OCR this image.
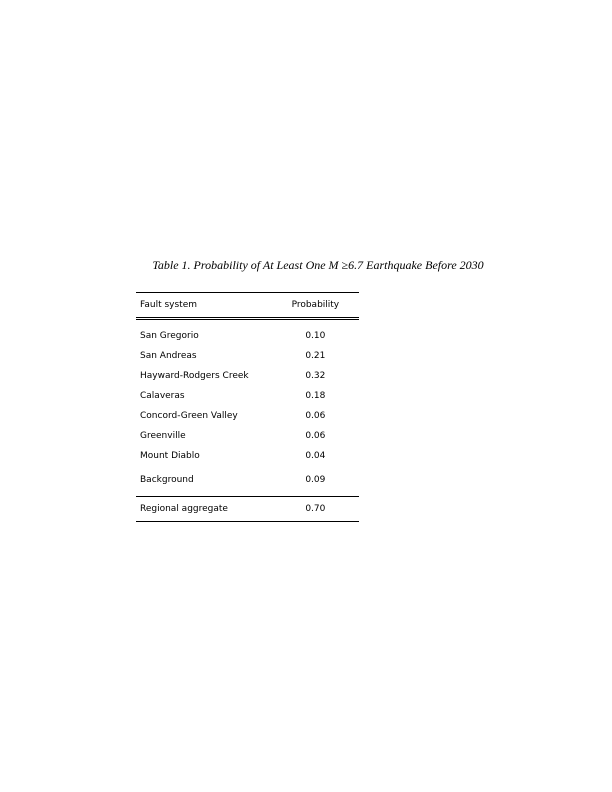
Table 1. Probability of At Least One M ≥6.7 Earthquake Before 2030
Fault system	Probability
San Gregorio	0.10
San Andreas	0.21
Hayward-Rodgers Creek	0.32
Calaveras	0.18
Concord-Green Valley	0.06
Greenville	0.06
Mount Diablo	0.04
Background	0.09
Regional aggregate	0.70
